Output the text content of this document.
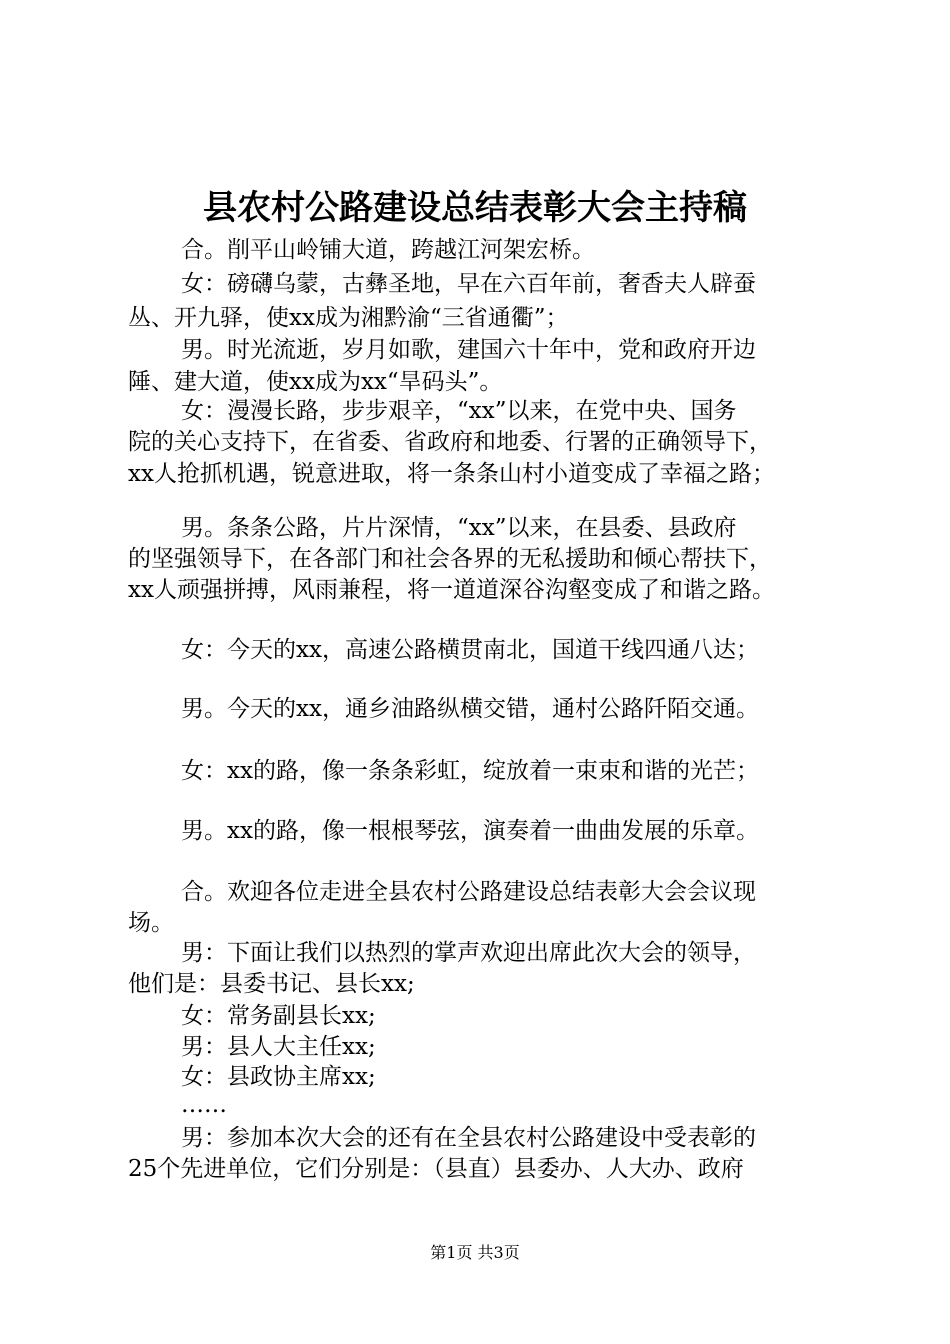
县农村公路建设总结表彰大会主持稿
合。削平山岭铺大道，跨越江河架宏桥。
女：磅礴乌蒙，古彝圣地，早在六百年前，奢香夫人辟蚕
丛、开九驿，使xx成为湘黔渝“三省通衢”；
男。时光流逝，岁月如歌，建国六十年中，党和政府开边
陲、建大道，使xx成为xx“旱码头”。
女：漫漫长路，步步艰辛，“xx”以来，在党中央、国务
院的关心支持下，在省委、省政府和地委、行署的正确领导下，
xx人抢抓机遇，锐意进取，将一条条山村小道变成了幸福之路；
男。条条公路，片片深情，“xx”以来，在县委、县政府
的坚强领导下，在各部门和社会各界的无私援助和倾心帮扶下，
xx人顽强拼搏，风雨兼程，将一道道深谷沟壑变成了和谐之路。
女：今天的xx，高速公路横贯南北，国道干线四通八达；
男。今天的xx，通乡油路纵横交错，通村公路阡陌交通。
女：xx的路，像一条条彩虹，绽放着一束束和谐的光芒；
男。xx的路，像一根根琴弦，演奏着一曲曲发展的乐章。
合。欢迎各位走进全县农村公路建设总结表彰大会会议现
场。
男：下面让我们以热烈的掌声欢迎出席此次大会的领导，
他们是：县委书记、县长xx;
女：常务副县长xx;
男：县人大主任xx;
女：县政协主席xx;
……
男：参加本次大会的还有在全县农村公路建设中受表彰的
25个先进单位，它们分别是：（县直）县委办、人大办、政府
第1页 共3页
